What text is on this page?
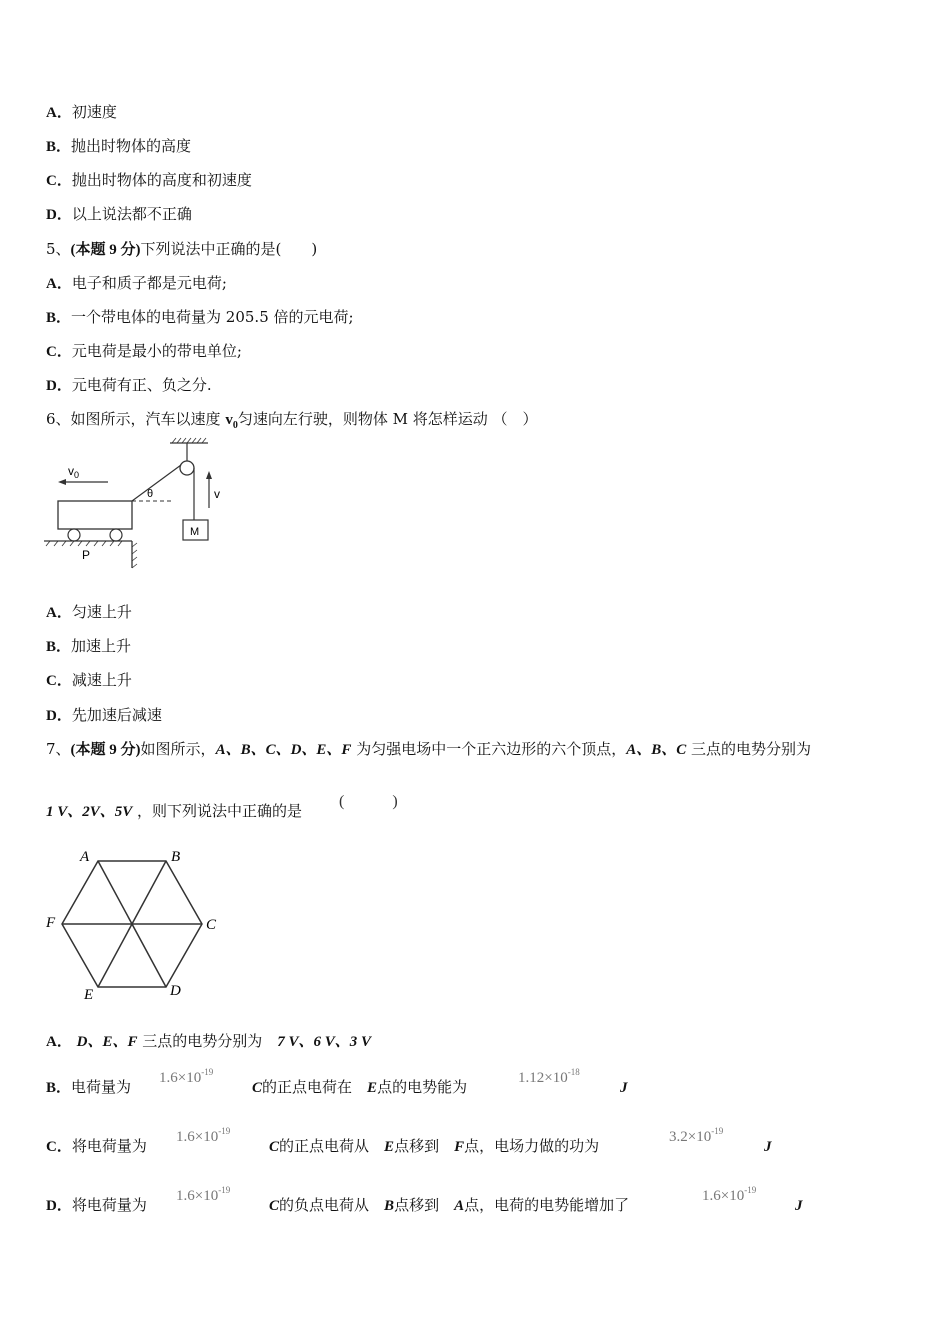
A．初速度
B．抛出时物体的高度
C．抛出时物体的高度和初速度
D．以上说法都不正确
5、(本题 9 分)下列说法中正确的是(　　)
A．电子和质子都是元电荷;
B．一个带电体的电荷量为 205.5 倍的元电荷;
C．元电荷是最小的带电单位;
D．元电荷有正、负之分.
6、如图所示，汽车以速度 $v_0$匀速向左行驶，则物体 M 将怎样运动 （　）
M
v
θ
$v_0$
P
A．匀速上升
B．加速上升
C．减速上升
D．先加速后减速
7、(本题 9 分)如图所示，A、B、C、D、E、F 为匀强电场中一个正六边形的六个顶点，A、B、C 三点的电势分别为
1 V、2V、5V ，则下列说法中正确的是
(　　　)
A	B
C
D
E
F
A． D、E、F 三点的电势分别为　7 V、6 V、3 V
B．电荷量为 $1.6\times 10^{-19}$
C的正点电荷在　 E点的电势能为	$1.12\times 10^{-18}$
J
C．将电荷量为 $1.6\times 10^{-19}$
C的正点电荷从　 E点移到　 F点，电场力做的功为	$3.2\times 10^{-19}$
J
D．将电荷量为 $1.6\times 10^{-19}$
C的负点电荷从　 B点移到　 A点，电荷的电势能增加了	$1.6\times 10^{-19}$
J
